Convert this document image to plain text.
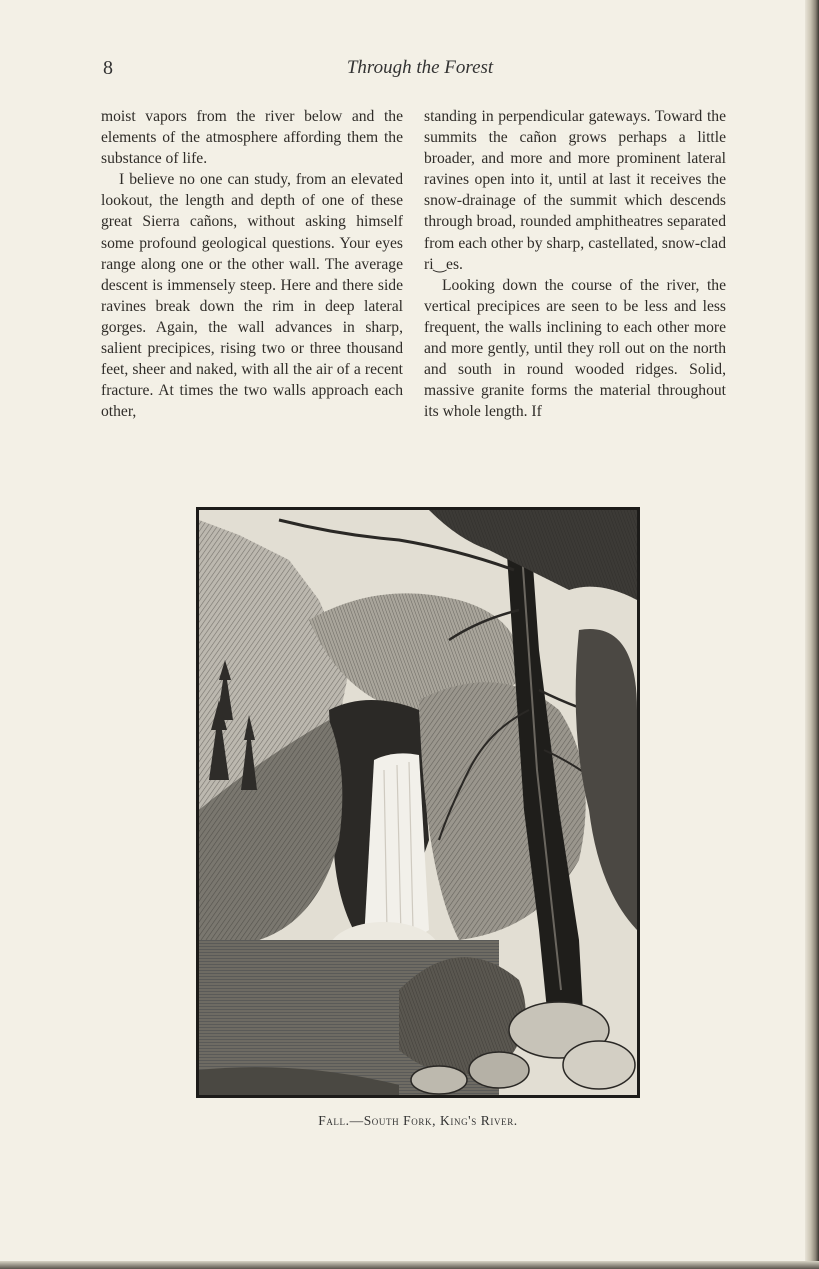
8	Through the Forest

moist vapors from the river below and the elements of the atmosphere affording them the substance of life.

I believe no one can study, from an elevated lookout, the length and depth of one of these great Sierra cañons, without asking himself some profound geological questions. Your eyes range along one or the other wall. The average descent is immensely steep. Here and there side ravines break down the rim in deep lateral gorges. Again, the wall advances in sharp, salient precipices, rising two or three thousand feet, sheer and naked, with all the air of a recent fracture. At times the two walls approach each other,

standing in perpendicular gateways. Toward the summits the cañon grows perhaps a little broader, and more and more prominent lateral ravines open into it, until at last it receives the snow-drainage of the summit which descends through broad, rounded amphitheatres separated from each other by sharp, castellated, snow-clad ri‿es.

Looking down the course of the river, the vertical precipices are seen to be less and less frequent, the walls inclining to each other more and more gently, until they roll out on the north and south in round wooded ridges. Solid, massive granite forms the material throughout its whole length. If

Fall.—South Fork, King's River.
